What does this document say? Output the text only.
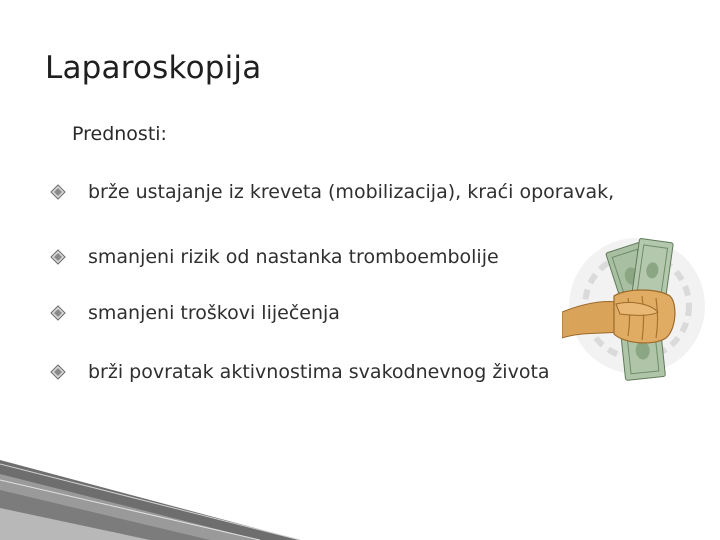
Laparoskopija
Prednosti:
brže ustajanje iz kreveta (mobilizacija), kraći oporavak,
smanjeni rizik od nastanka tromboembolije
smanjeni troškovi liječenja
brži povratak aktivnostima svakodnevnog života
